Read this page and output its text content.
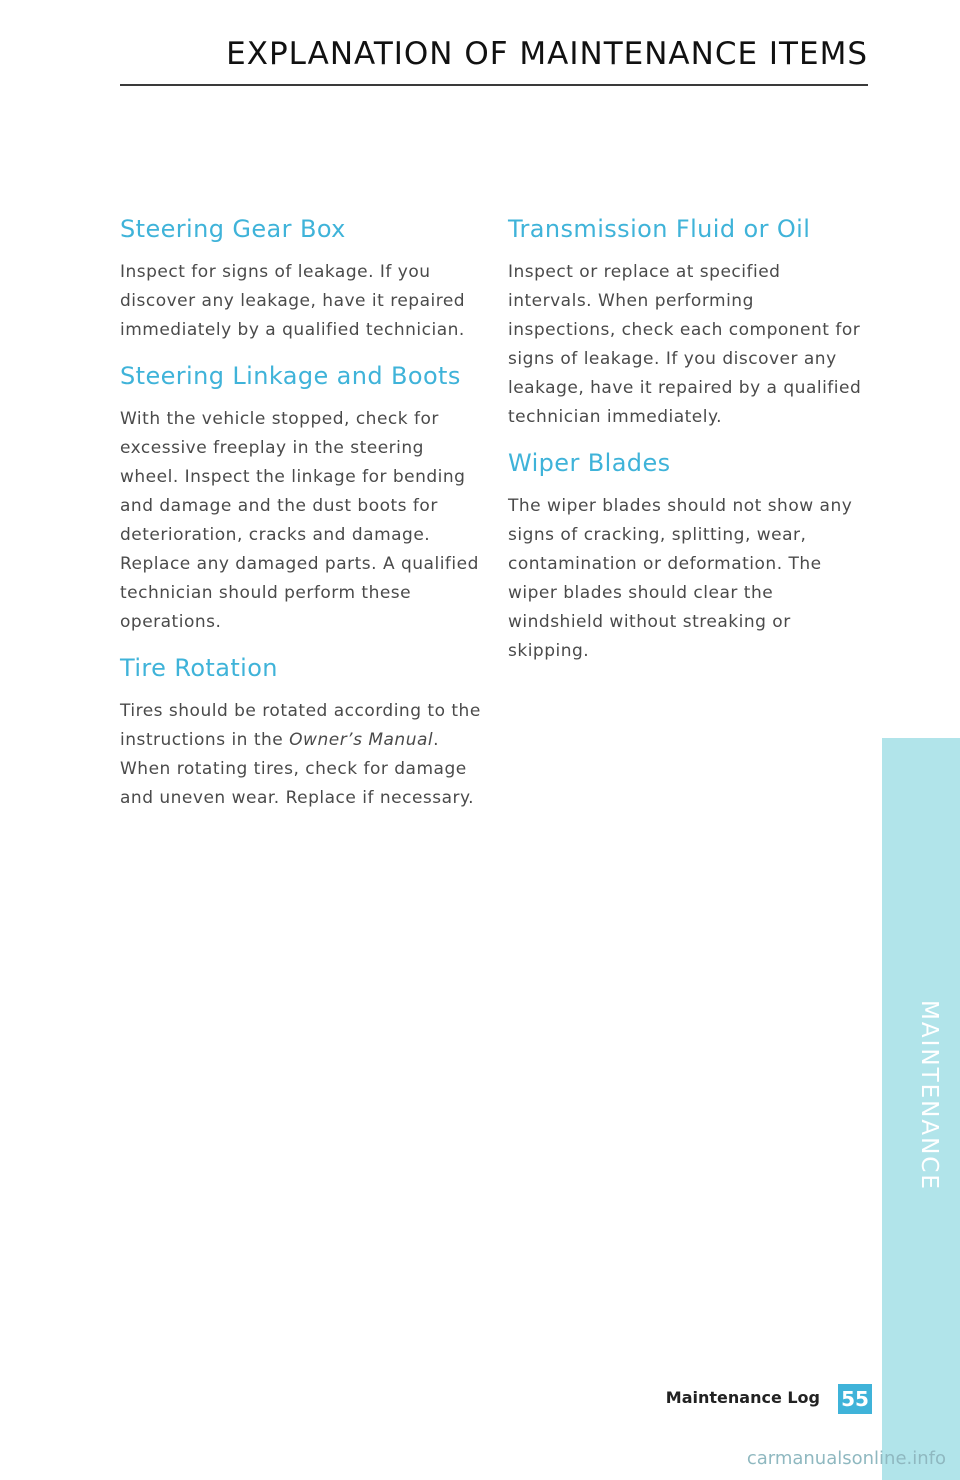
EXPLANATION OF MAINTENANCE ITEMS
Steering Gear Box

Inspect for signs of leakage. If you discover any leakage, have it repaired immediately by a qualified technician.

Steering Linkage and Boots

With the vehicle stopped, check for excessive freeplay in the steering wheel. Inspect the linkage for bending and damage and the dust boots for deterioration, cracks and damage. Replace any damaged parts. A qualified technician should perform these operations.

Tire Rotation

Tires should be rotated according to the instructions in the Owner’s Manual. When rotating tires, check for damage and uneven wear. Replace if necessary.

Transmission Fluid or Oil

Inspect or replace at specified intervals. When performing inspections, check each component for signs of leakage. If you discover any leakage, have it repaired by a qualified technician immediately.

Wiper Blades

The wiper blades should not show any signs of cracking, splitting, wear, contamination or deformation. The wiper blades should clear the windshield without streaking or skipping.

MAINTENANCE
Maintenance Log 55
carmanualsonline.info
